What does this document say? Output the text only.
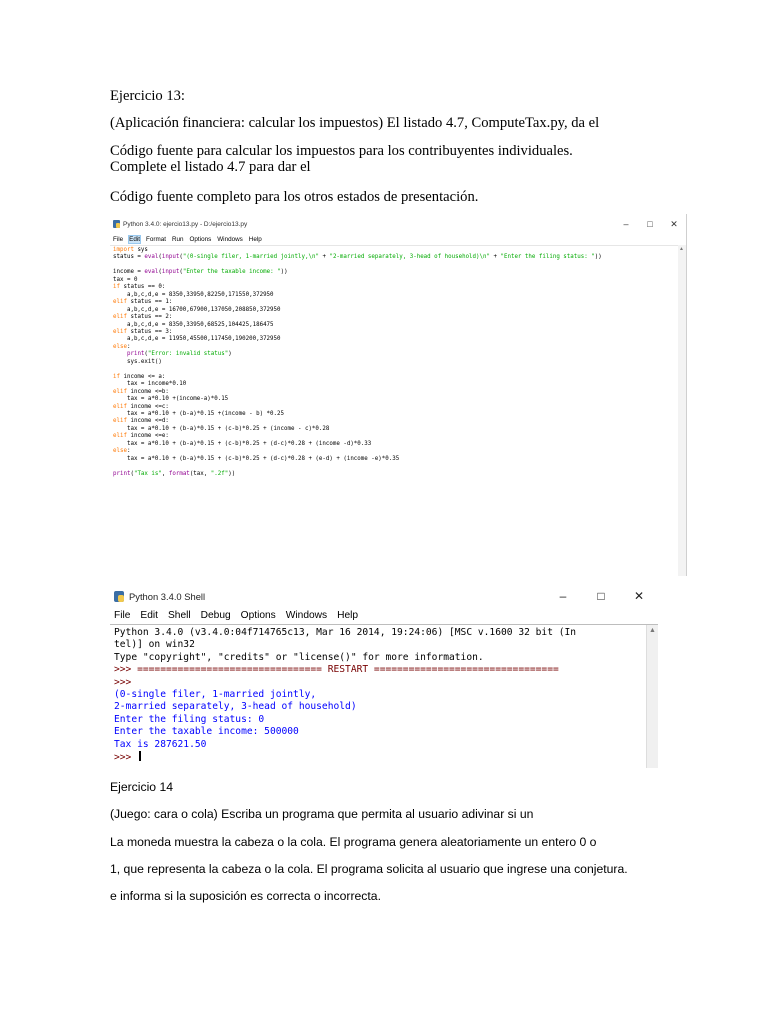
Ejercicio 13:
(Aplicación financiera: calcular los impuestos) El listado 4.7, ComputeTax.py, da el
Código fuente para calcular los impuestos para los contribuyentes individuales.
Complete el listado 4.7 para dar el
Código fuente completo para los otros estados de presentación.
Python 3.4.0: ejercio13.py - D:/ejercio13.py	–	□	✕
File Edit Format Run Options Windows Help
import sys
status = eval(input("(0-single filer, 1-married jointly,\n" + "2-married separately, 3-head of household)\n" + "Enter the filing status: "))

income = eval(input("Enter the taxable income: "))
tax = 0
if status == 0:
a,b,c,d,e = 8350,33950,82250,171550,372950
elif status == 1:
a,b,c,d,e = 16700,67900,137050,208850,372950
elif status == 2:
a,b,c,d,e = 8350,33950,68525,104425,186475
elif status == 3:
a,b,c,d,e = 11950,45500,117450,190200,372950
else:
print("Error: invalid status")
sys.exit()

if income <= a:
tax = income*0.10
elif income <=b:
tax = a*0.10 +(income-a)*0.15
elif income <=c:
tax = a*0.10 + (b-a)*0.15 +(income - b) *0.25
elif income <=d:
tax = a*0.10 + (b-a)*0.15 + (c-b)*0.25 + (income - c)*0.28
elif income <=e:
tax = a*0.10 + (b-a)*0.15 + (c-b)*0.25 + (d-c)*0.28 + (income -d)*0.33
else:
tax = a*0.10 + (b-a)*0.15 + (c-b)*0.25 + (d-c)*0.28 + (e-d) + (income -e)*0.35

print("Tax is", format(tax, ".2f"))
▲
Python 3.4.0 Shell	–	□	✕
File Edit Shell Debug Options Windows Help
Python 3.4.0 (v3.4.0:04f714765c13, Mar 16 2014, 19:24:06) [MSC v.1600 32 bit (In
tel)] on win32
Type "copyright", "credits" or "license()" for more information.
>>> ================================ RESTART ================================
>>>
(0-single filer, 1-married jointly,
2-married separately, 3-head of household)
Enter the filing status: 0
Enter the taxable income: 500000
Tax is 287621.50
>>>
▲
Ejercicio 14
(Juego: cara o cola) Escriba un programa que permita al usuario adivinar si un
La moneda muestra la cabeza o la cola. El programa genera aleatoriamente un entero 0 o
1, que representa la cabeza o la cola. El programa solicita al usuario que ingrese una conjetura.
e informa si la suposición es correcta o incorrecta.
